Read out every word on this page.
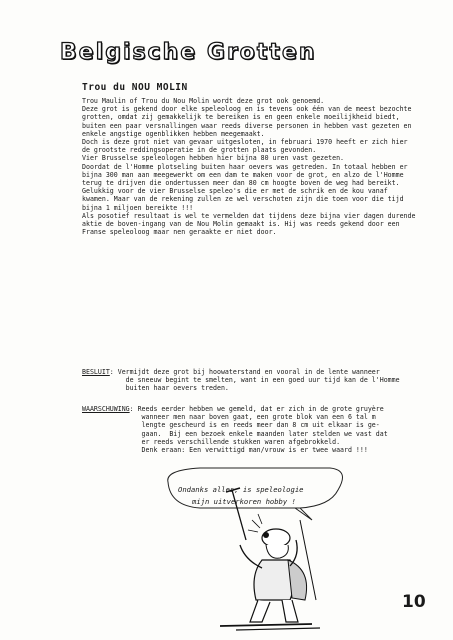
Belgische Grotten
Trou du NOU MOLIN

Trou Maulin of Trou du Nou Molin wordt deze grot ook genoemd.

Deze grot is gekend door elke speleoloog en is tevens ook één van de meest bezochte grotten, omdat zij gemakkelijk te bereiken is en geen enkele moeilijkheid biedt, buiten een paar versnallingen waar reeds diverse personen in hebben vast gezeten en enkele angstige ogenblikken hebben meegemaakt.

Doch is deze grot niet van gevaar uitgesloten, in februari 1970 heeft er zich hier de grootste reddingsoperatie in de grotten plaats gevonden.

Vier Brusselse speleologen hebben hier bijna 80 uren vast gezeten.

Doordat de l'Homme plotseling buiten haar oevers was getreden. In totaal hebben er bijna 300 man aan meegewerkt om een dam te maken voor de grot, en alzo de l'Homme terug te drijven die ondertussen meer dan 80 cm hoogte boven de weg had bereikt.

Gelukkig voor de vier Brusselse speleo's die er met de schrik en de kou vanaf kwamen. Maar van de rekening zullen ze wel verschoten zijn die toen voor die tijd bijna 1 miljoen bereikte !!!

Als posotief resultaat is wel te vermelden dat tijdens deze bijna vier dagen durende aktie de boven-ingang van de Nou Molin gemaakt is. Hij was reeds gekend door een Franse speleoloog maar nen geraakte er niet door.

BESLUIT: Vermijdt deze grot bij hoowaterstand en vooral in de lente wanneer
de sneeuw begint te smelten, want in een goed uur tijd kan de l'Homme
buiten haar oevers treden.
WAARSCHUWING: Reeds eerder hebben we gemeld, dat er zich in de grote gruyère
wanneer men naar boven gaat, een grote blok van een 6 tal m
lengte gescheurd is en reeds meer dan 8 cm uit elkaar is ge-
gaan.  Bij een bezoek enkele maanden later stelden we vast dat
er reeds verschillende stukken waren afgebrokkeld.
Denk eraan: Een verwittigd man/vrouw is er twee waard !!!
Ondanks alles, is speleologie
mijn uitverkoren hobby !
10
